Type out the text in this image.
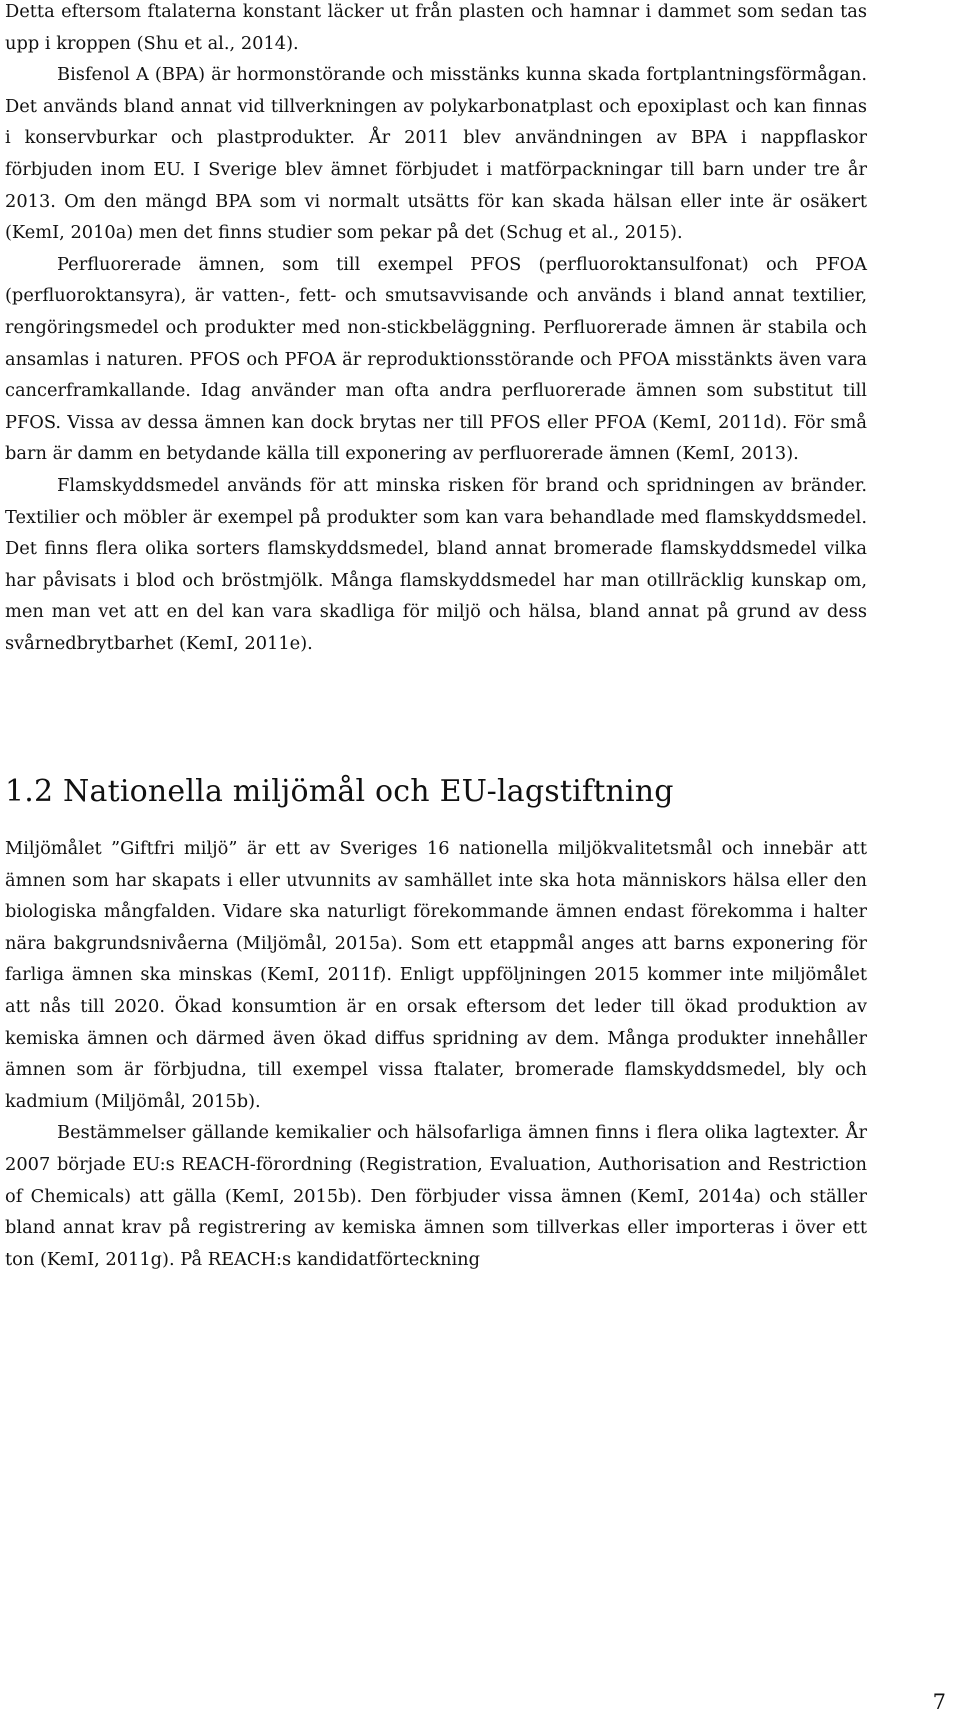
Detta eftersom ftalaterna konstant läcker ut från plasten och hamnar i dammet som sedan tas upp i kroppen (Shu et al., 2014).

Bisfenol A (BPA) är hormonstörande och misstänks kunna skada fortplantningsförmågan. Det används bland annat vid tillverkningen av polykarbonatplast och epoxiplast och kan finnas i konservburkar och plastprodukter. År 2011 blev användningen av BPA i nappflaskor förbjuden inom EU. I Sverige blev ämnet förbjudet i matförpackningar till barn under tre år 2013. Om den mängd BPA som vi normalt utsätts för kan skada hälsan eller inte är osäkert (KemI, 2010a) men det finns studier som pekar på det (Schug et al., 2015).

Perfluorerade ämnen, som till exempel PFOS (perfluoroktansulfonat) och PFOA (perfluoroktansyra), är vatten-, fett- och smutsavvisande och används i bland annat textilier, rengöringsmedel och produkter med non-stickbeläggning. Perfluorerade ämnen är stabila och ansamlas i naturen. PFOS och PFOA är reproduktionsstörande och PFOA misstänkts även vara cancerframkallande. Idag använder man ofta andra perfluorerade ämnen som substitut till PFOS. Vissa av dessa ämnen kan dock brytas ner till PFOS eller PFOA (KemI, 2011d). För små barn är damm en betydande källa till exponering av perfluorerade ämnen (KemI, 2013).

Flamskyddsmedel används för att minska risken för brand och spridningen av bränder. Textilier och möbler är exempel på produkter som kan vara behandlade med flamskyddsmedel. Det finns flera olika sorters flamskyddsmedel, bland annat bromerade flamskyddsmedel vilka har påvisats i blod och bröstmjölk. Många flamskyddsmedel har man otillräcklig kunskap om, men man vet att en del kan vara skadliga för miljö och hälsa, bland annat på grund av dess svårnedbrytbarhet (KemI, 2011e).

1.2 Nationella miljömål och EU-lagstiftning

Miljömålet ”Giftfri miljö” är ett av Sveriges 16 nationella miljökvalitetsmål och innebär att ämnen som har skapats i eller utvunnits av samhället inte ska hota människors hälsa eller den biologiska mångfalden. Vidare ska naturligt förekommande ämnen endast förekomma i halter nära bakgrundsnivåerna (Miljömål, 2015a). Som ett etappmål anges att barns exponering för farliga ämnen ska minskas (KemI, 2011f). Enligt uppföljningen 2015 kommer inte miljömålet att nås till 2020. Ökad konsumtion är en orsak eftersom det leder till ökad produktion av kemiska ämnen och därmed även ökad diffus spridning av dem. Många produkter innehåller ämnen som är förbjudna, till exempel vissa ftalater, bromerade flamskyddsmedel, bly och kadmium (Miljömål, 2015b).

Bestämmelser gällande kemikalier och hälsofarliga ämnen finns i flera olika lagtexter. År 2007 började EU:s REACH-förordning (Registration, Evaluation, Authorisation and Restriction of Chemicals) att gälla (KemI, 2015b). Den förbjuder vissa ämnen (KemI, 2014a) och ställer bland annat krav på registrering av kemiska ämnen som tillverkas eller importeras i över ett ton (KemI, 2011g). På REACH:s kandidatförteckning

7
